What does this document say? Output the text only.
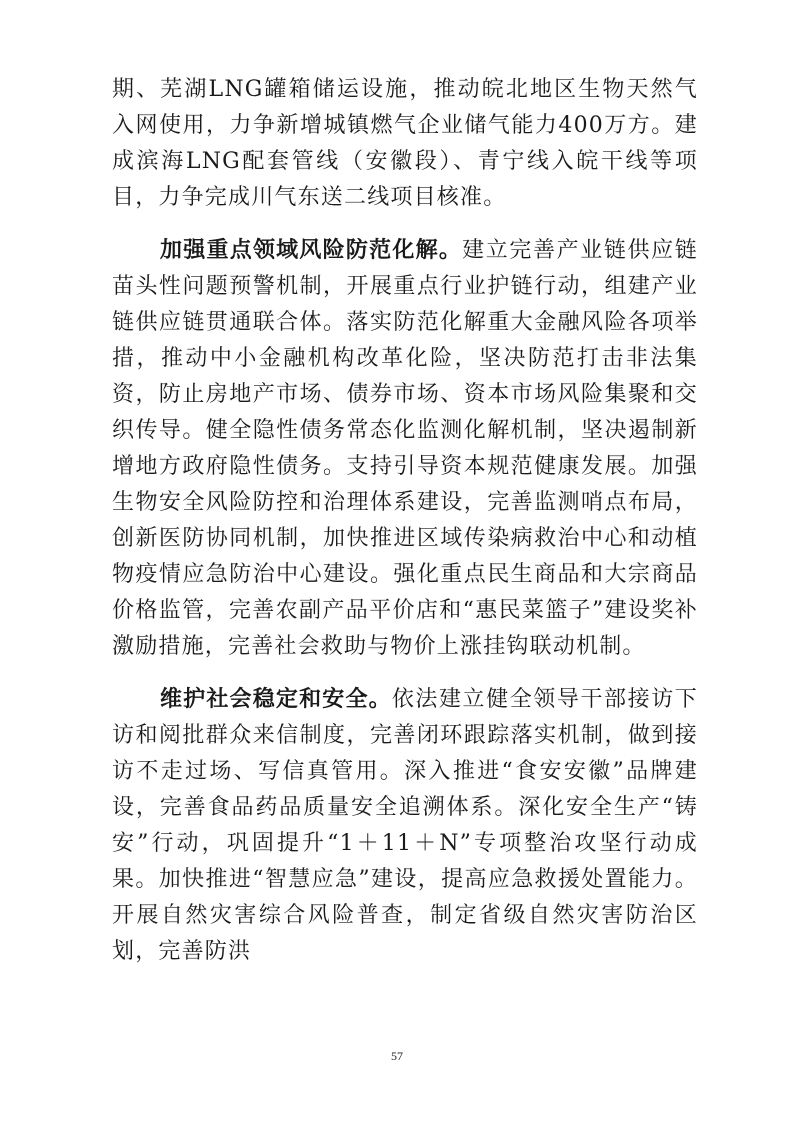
期、芜湖LNG罐箱储运设施，推动皖北地区生物天然气入网使用，力争新增城镇燃气企业储气能力400万方。建成滨海LNG配套管线（安徽段）、青宁线入皖干线等项目，力争完成川气东送二线项目核准。

加强重点领域风险防范化解。建立完善产业链供应链苗头性问题预警机制，开展重点行业护链行动，组建产业链供应链贯通联合体。落实防范化解重大金融风险各项举措，推动中小金融机构改革化险，坚决防范打击非法集资，防止房地产市场、债券市场、资本市场风险集聚和交织传导。健全隐性债务常态化监测化解机制，坚决遏制新增地方政府隐性债务。支持引导资本规范健康发展。加强生物安全风险防控和治理体系建设，完善监测哨点布局，创新医防协同机制，加快推进区域传染病救治中心和动植物疫情应急防治中心建设。强化重点民生商品和大宗商品价格监管，完善农副产品平价店和“惠民菜篮子”建设奖补激励措施，完善社会救助与物价上涨挂钩联动机制。

维护社会稳定和安全。依法建立健全领导干部接访下访和阅批群众来信制度，完善闭环跟踪落实机制，做到接访不走过场、写信真管用。深入推进“食安安徽”品牌建设，完善食品药品质量安全追溯体系。深化安全生产“铸安”行动，巩固提升“1＋11＋N”专项整治攻坚行动成果。加快推进“智慧应急”建设，提高应急救援处置能力。开展自然灾害综合风险普查，制定省级自然灾害防治区划，完善防洪

57
